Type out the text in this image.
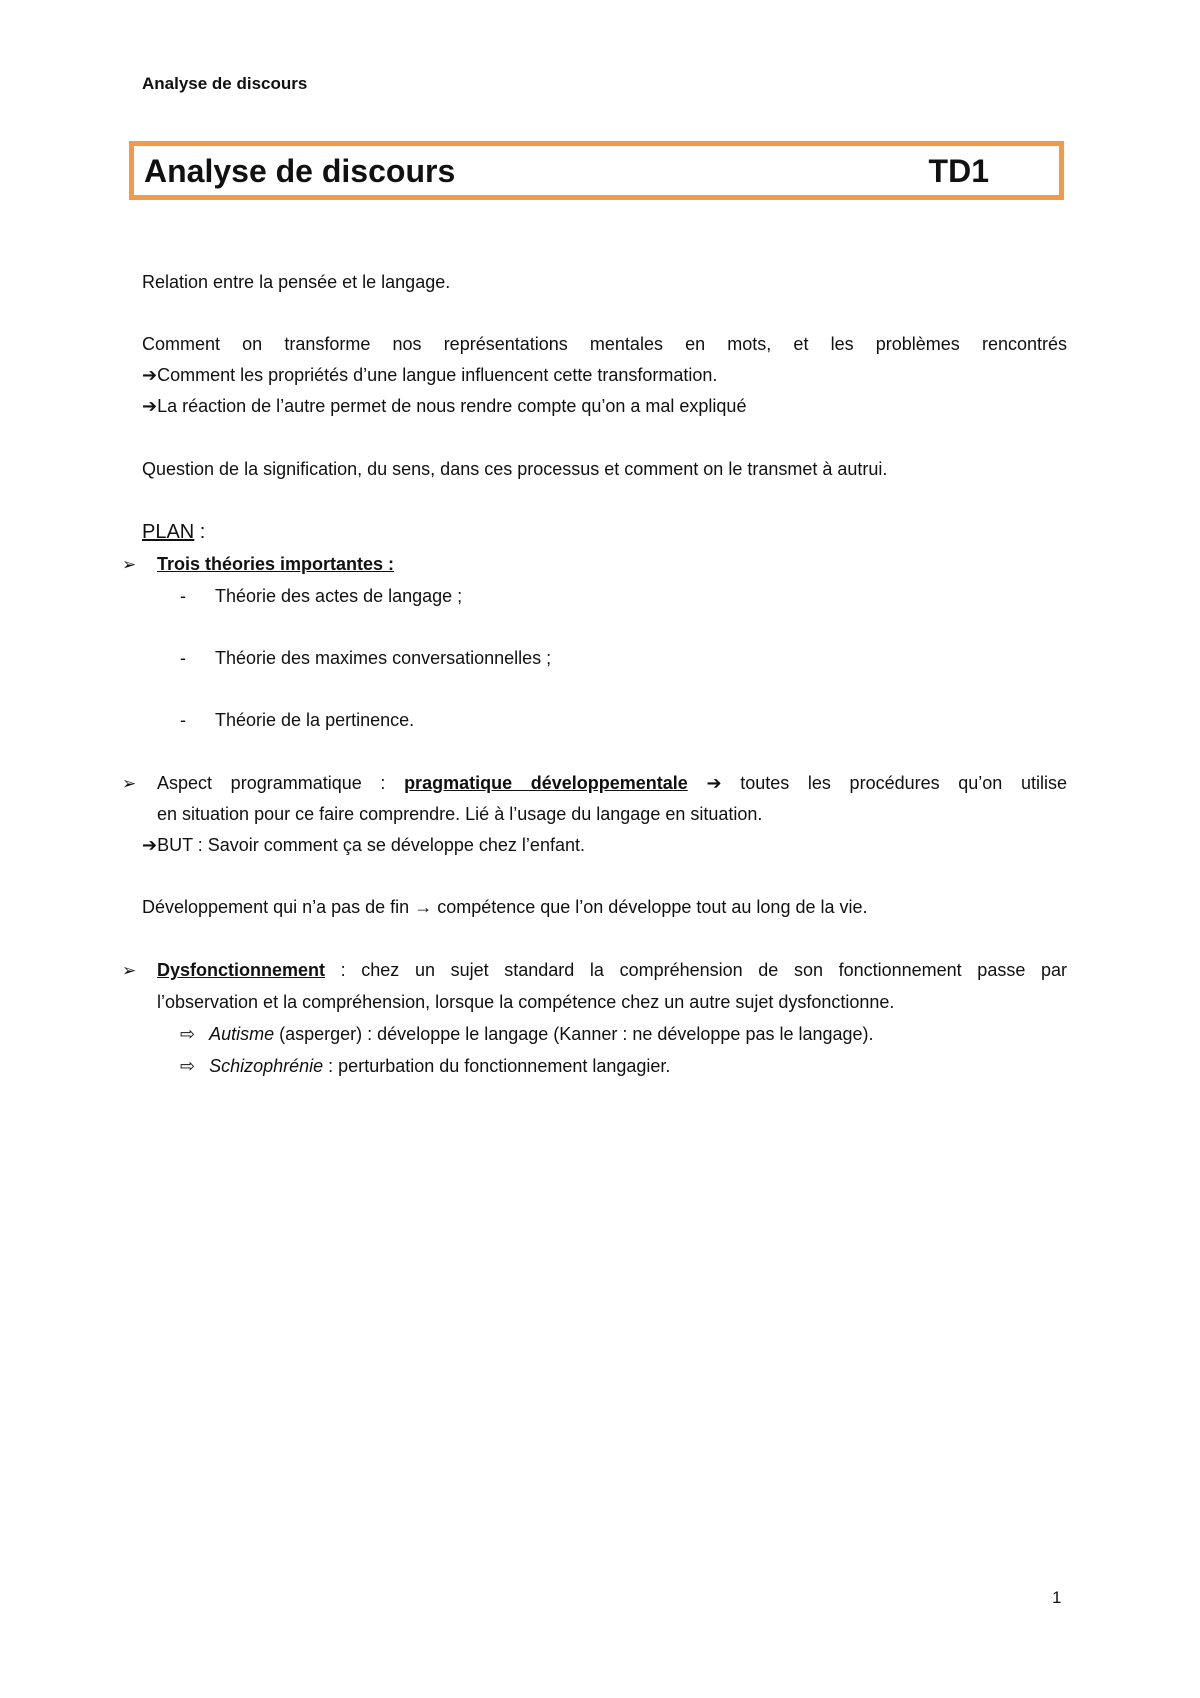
Analyse de discours
Analyse de discours	TD1
Relation entre la pensée et le langage.
Comment on transforme nos représentations mentales en mots, et les problèmes rencontrés
➔Comment les propriétés d’une langue influencent cette transformation.
➔La réaction de l’autre permet de nous rendre compte qu’on a mal expliqué
Question de la signification, du sens, dans ces processus et comment on le transmet à autrui.
PLAN :
➢ Trois théories importantes :
- Théorie des actes de langage ;
- Théorie des maximes conversationnelles ;
- Théorie de la pertinence.
➢ Aspect programmatique : pragmatique développementale ➔ toutes les procédures qu’on utilise
en situation pour ce faire comprendre. Lié à l’usage du langage en situation.
➔BUT : Savoir comment ça se développe chez l’enfant.
Développement qui n’a pas de fin → compétence que l’on développe tout au long de la vie.
➢ Dysfonctionnement : chez un sujet standard la compréhension de son fonctionnement passe par
l’observation et la compréhension, lorsque la compétence chez un autre sujet dysfonctionne.
⇨ Autisme (asperger) : développe le langage (Kanner : ne développe pas le langage).
⇨ Schizophrénie : perturbation du fonctionnement langagier.
1
